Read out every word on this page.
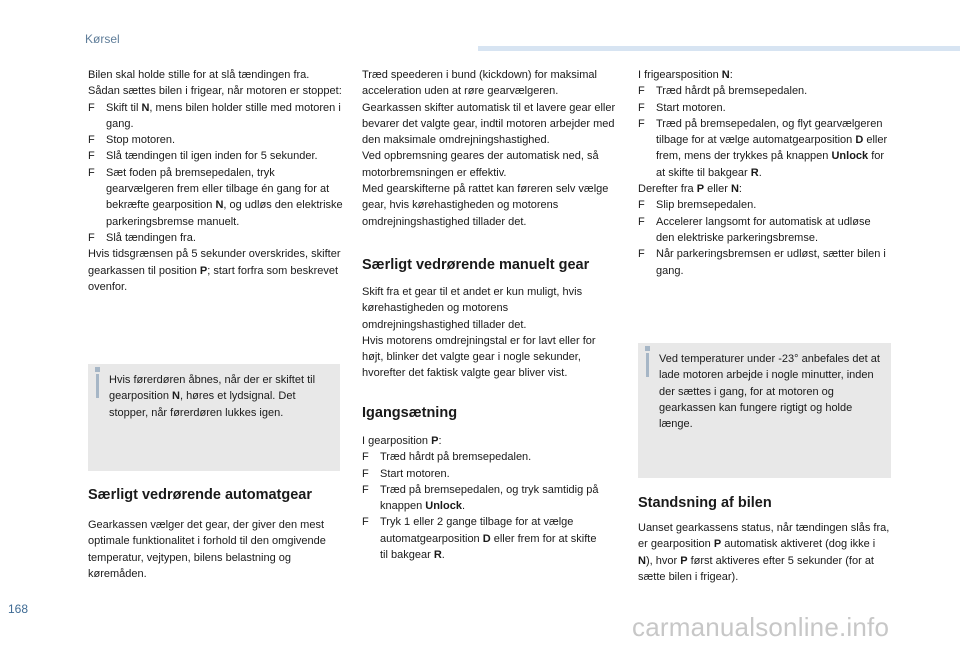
Kørsel

Bilen skal holde stille for at slå tændingen fra. Sådan sættes bilen i frigear, når motoren er stoppet:

F	Skift til N, mens bilen holder stille med motoren i gang.
F	Stop motoren.
F	Slå tændingen til igen inden for 5 sekunder.
F	Sæt foden på bremsepedalen, tryk gearvælgeren frem eller tilbage én gang for at bekræfte gearposition N, og udløs den elektriske parkeringsbremse manuelt.
F	Slå tændingen fra.

Hvis tidsgrænsen på 5 sekunder overskrides, skifter gearkassen til position P; start forfra som beskrevet ovenfor.

Hvis førerdøren åbnes, når der er skiftet til gearposition N, høres et lydsignal. Det stopper, når førerdøren lukkes igen.
Særligt vedrørende automatgear

Gearkassen vælger det gear, der giver den mest optimale funktionalitet i forhold til den omgivende temperatur, vejtypen, bilens belastning og køremåden.

Træd speederen i bund (kickdown) for maksimal acceleration uden at røre gearvælgeren. Gearkassen skifter automatisk til et lavere gear eller bevarer det valgte gear, indtil motoren arbejder med den maksimale omdrejningshastighed.

Ved opbremsning geares der automatisk ned, så motorbremsningen er effektiv.

Med gearskifterne på rattet kan føreren selv vælge gear, hvis kørehastigheden og motorens omdrejningshastighed tillader det.

Særligt vedrørende manuelt gear

Skift fra et gear til et andet er kun muligt, hvis kørehastigheden og motorens omdrejningshastighed tillader det.

Hvis motorens omdrejningstal er for lavt eller for højt, blinker det valgte gear i nogle sekunder, hvorefter det faktisk valgte gear bliver vist.

Igangsætning

I gearposition P:

F	Træd hårdt på bremsepedalen.
F	Start motoren.
F	Træd på bremsepedalen, og tryk samtidig på knappen Unlock.
F	Tryk 1 eller 2 gange tilbage for at vælge automatgearposition D eller frem for at skifte til bakgear R.

I frigearsposition N:

F	Træd hårdt på bremsepedalen.
F	Start motoren.
F	Træd på bremsepedalen, og flyt gearvælgeren tilbage for at vælge automatgearposition D eller frem, mens der trykkes på knappen Unlock for at skifte til bakgear R.

Derefter fra P eller N:

F	Slip bremsepedalen.
F	Accelerer langsomt for automatisk at udløse den elektriske parkeringsbremse.
F	Når parkeringsbremsen er udløst, sætter bilen i gang.
Ved temperaturer under -23° anbefales det at lade motoren arbejde i nogle minutter, inden der sættes i gang, for at motoren og gearkassen kan fungere rigtigt og holde længe.
Standsning af bilen

Uanset gearkassens status, når tændingen slås fra, er gearposition P automatisk aktiveret (dog ikke i N), hvor P først aktiveres efter 5 sekunder (for at sætte bilen i frigear).

168
carmanualsonline.info
